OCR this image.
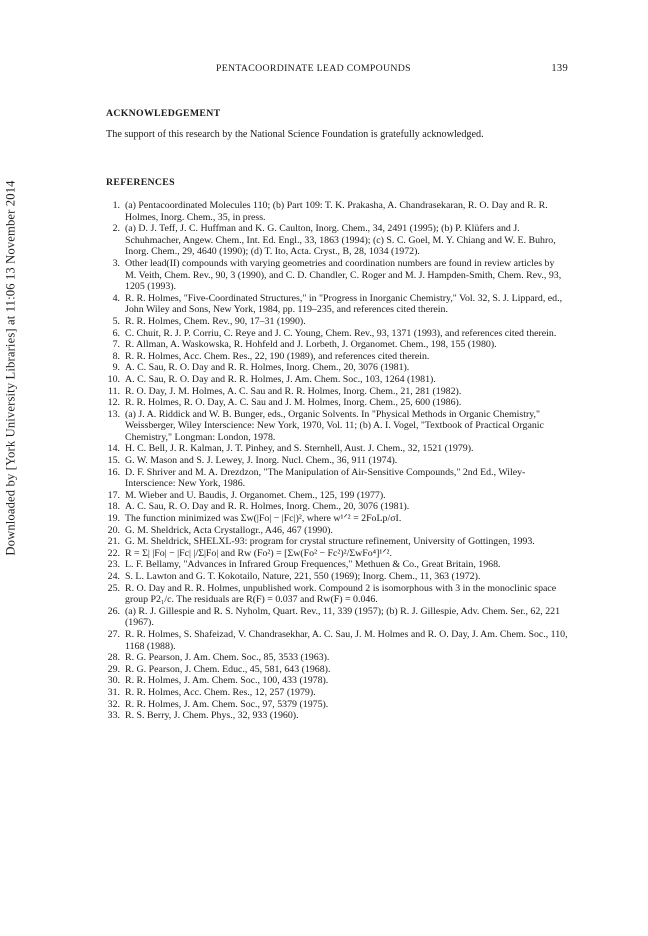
Downloaded by [York University Libraries] at 11:06 13 November 2014
PENTACOORDINATE LEAD COMPOUNDS	139
ACKNOWLEDGEMENT

The support of this research by the National Science Foundation is gratefully acknowledged.

REFERENCES
1. (a) Pentacoordinated Molecules 110; (b) Part 109: T. K. Prakasha, A. Chandrasekaran, R. O. Day and R. R. Holmes, Inorg. Chem., 35, in press.
2. (a) D. J. Teff, J. C. Huffman and K. G. Caulton, Inorg. Chem., 34, 2491 (1995); (b) P. Klüfers and J. Schuhmacher, Angew. Chem., Int. Ed. Engl., 33, 1863 (1994); (c) S. C. Goel, M. Y. Chiang and W. E. Buhro, Inorg. Chem., 29, 4640 (1990); (d) T. Ito, Acta. Cryst., B, 28, 1034 (1972).
3. Other lead(II) compounds with varying geometries and coordination numbers are found in review articles by M. Veith, Chem. Rev., 90, 3 (1990), and C. D. Chandler, C. Roger and M. J. Hampden-Smith, Chem. Rev., 93, 1205 (1993).
4. R. R. Holmes, "Five-Coordinated Structures," in "Progress in Inorganic Chemistry," Vol. 32, S. J. Lippard, ed., John Wiley and Sons, New York, 1984, pp. 119–235, and references cited therein.
5. R. R. Holmes, Chem. Rev., 90, 17–31 (1990).
6. C. Chuit, R. J. P. Corriu, C. Reye and J. C. Young, Chem. Rev., 93, 1371 (1993), and references cited therein.
7. R. Allman, A. Waskowska, R. Hohfeld and J. Lorbeth, J. Organomet. Chem., 198, 155 (1980).
8. R. R. Holmes, Acc. Chem. Res., 22, 190 (1989), and references cited therein.
9. A. C. Sau, R. O. Day and R. R. Holmes, Inorg. Chem., 20, 3076 (1981).
10. A. C. Sau, R. O. Day and R. R. Holmes, J. Am. Chem. Soc., 103, 1264 (1981).
11. R. O. Day, J. M. Holmes, A. C. Sau and R. R. Holmes, Inorg. Chem., 21, 281 (1982).
12. R. R. Holmes, R. O. Day, A. C. Sau and J. M. Holmes, Inorg. Chem., 25, 600 (1986).
13. (a) J. A. Riddick and W. B. Bunger, eds., Organic Solvents. In "Physical Methods in Organic Chemistry," Weissberger, Wiley Interscience: New York, 1970, Vol. 11; (b) A. I. Vogel, "Textbook of Practical Organic Chemistry," Longman: London, 1978.
14. H. C. Bell, J. R. Kalman, J. T. Pinhey, and S. Sternhell, Aust. J. Chem., 32, 1521 (1979).
15. G. W. Mason and S. J. Lewey, J. Inorg. Nucl. Chem., 36, 911 (1974).
16. D. F. Shriver and M. A. Drezdzon, "The Manipulation of Air-Sensitive Compounds," 2nd Ed., Wiley-Interscience: New York, 1986.
17. M. Wieber and U. Baudis, J. Organomet. Chem., 125, 199 (1977).
18. A. C. Sau, R. O. Day and R. R. Holmes, Inorg. Chem., 20, 3076 (1981).
19. The function minimized was Σw(|Fo| − |Fc|)², where w¹ᐟ² = 2FoLp/σI.
20. G. M. Sheldrick, Acta Crystallogr., A46, 467 (1990).
21. G. M. Sheldrick, SHELXL-93: program for crystal structure refinement, University of Gottingen, 1993.
22. R = Σ| |Fo| − |Fc| |/Σ|Fo| and Rw (Fo²) = [Σw(Fo² − Fc²)²/ΣwFo⁴]¹ᐟ².
23. L. F. Bellamy, "Advances in Infrared Group Frequences," Methuen & Co., Great Britain, 1968.
24. S. L. Lawton and G. T. Kokotailo, Nature, 221, 550 (1969); Inorg. Chem., 11, 363 (1972).
25. R. O. Day and R. R. Holmes, unpublished work. Compound 2 is isomorphous with 3 in the monoclinic space group P2₁/c. The residuals are R(F) = 0.037 and Rw(F) = 0.046.
26. (a) R. J. Gillespie and R. S. Nyholm, Quart. Rev., 11, 339 (1957); (b) R. J. Gillespie, Adv. Chem. Ser., 62, 221 (1967).
27. R. R. Holmes, S. Shafeizad, V. Chandrasekhar, A. C. Sau, J. M. Holmes and R. O. Day, J. Am. Chem. Soc., 110, 1168 (1988).
28. R. G. Pearson, J. Am. Chem. Soc., 85, 3533 (1963).
29. R. G. Pearson, J. Chem. Educ., 45, 581, 643 (1968).
30. R. R. Holmes, J. Am. Chem. Soc., 100, 433 (1978).
31. R. R. Holmes, Acc. Chem. Res., 12, 257 (1979).
32. R. R. Holmes, J. Am. Chem. Soc., 97, 5379 (1975).
33. R. S. Berry, J. Chem. Phys., 32, 933 (1960).
